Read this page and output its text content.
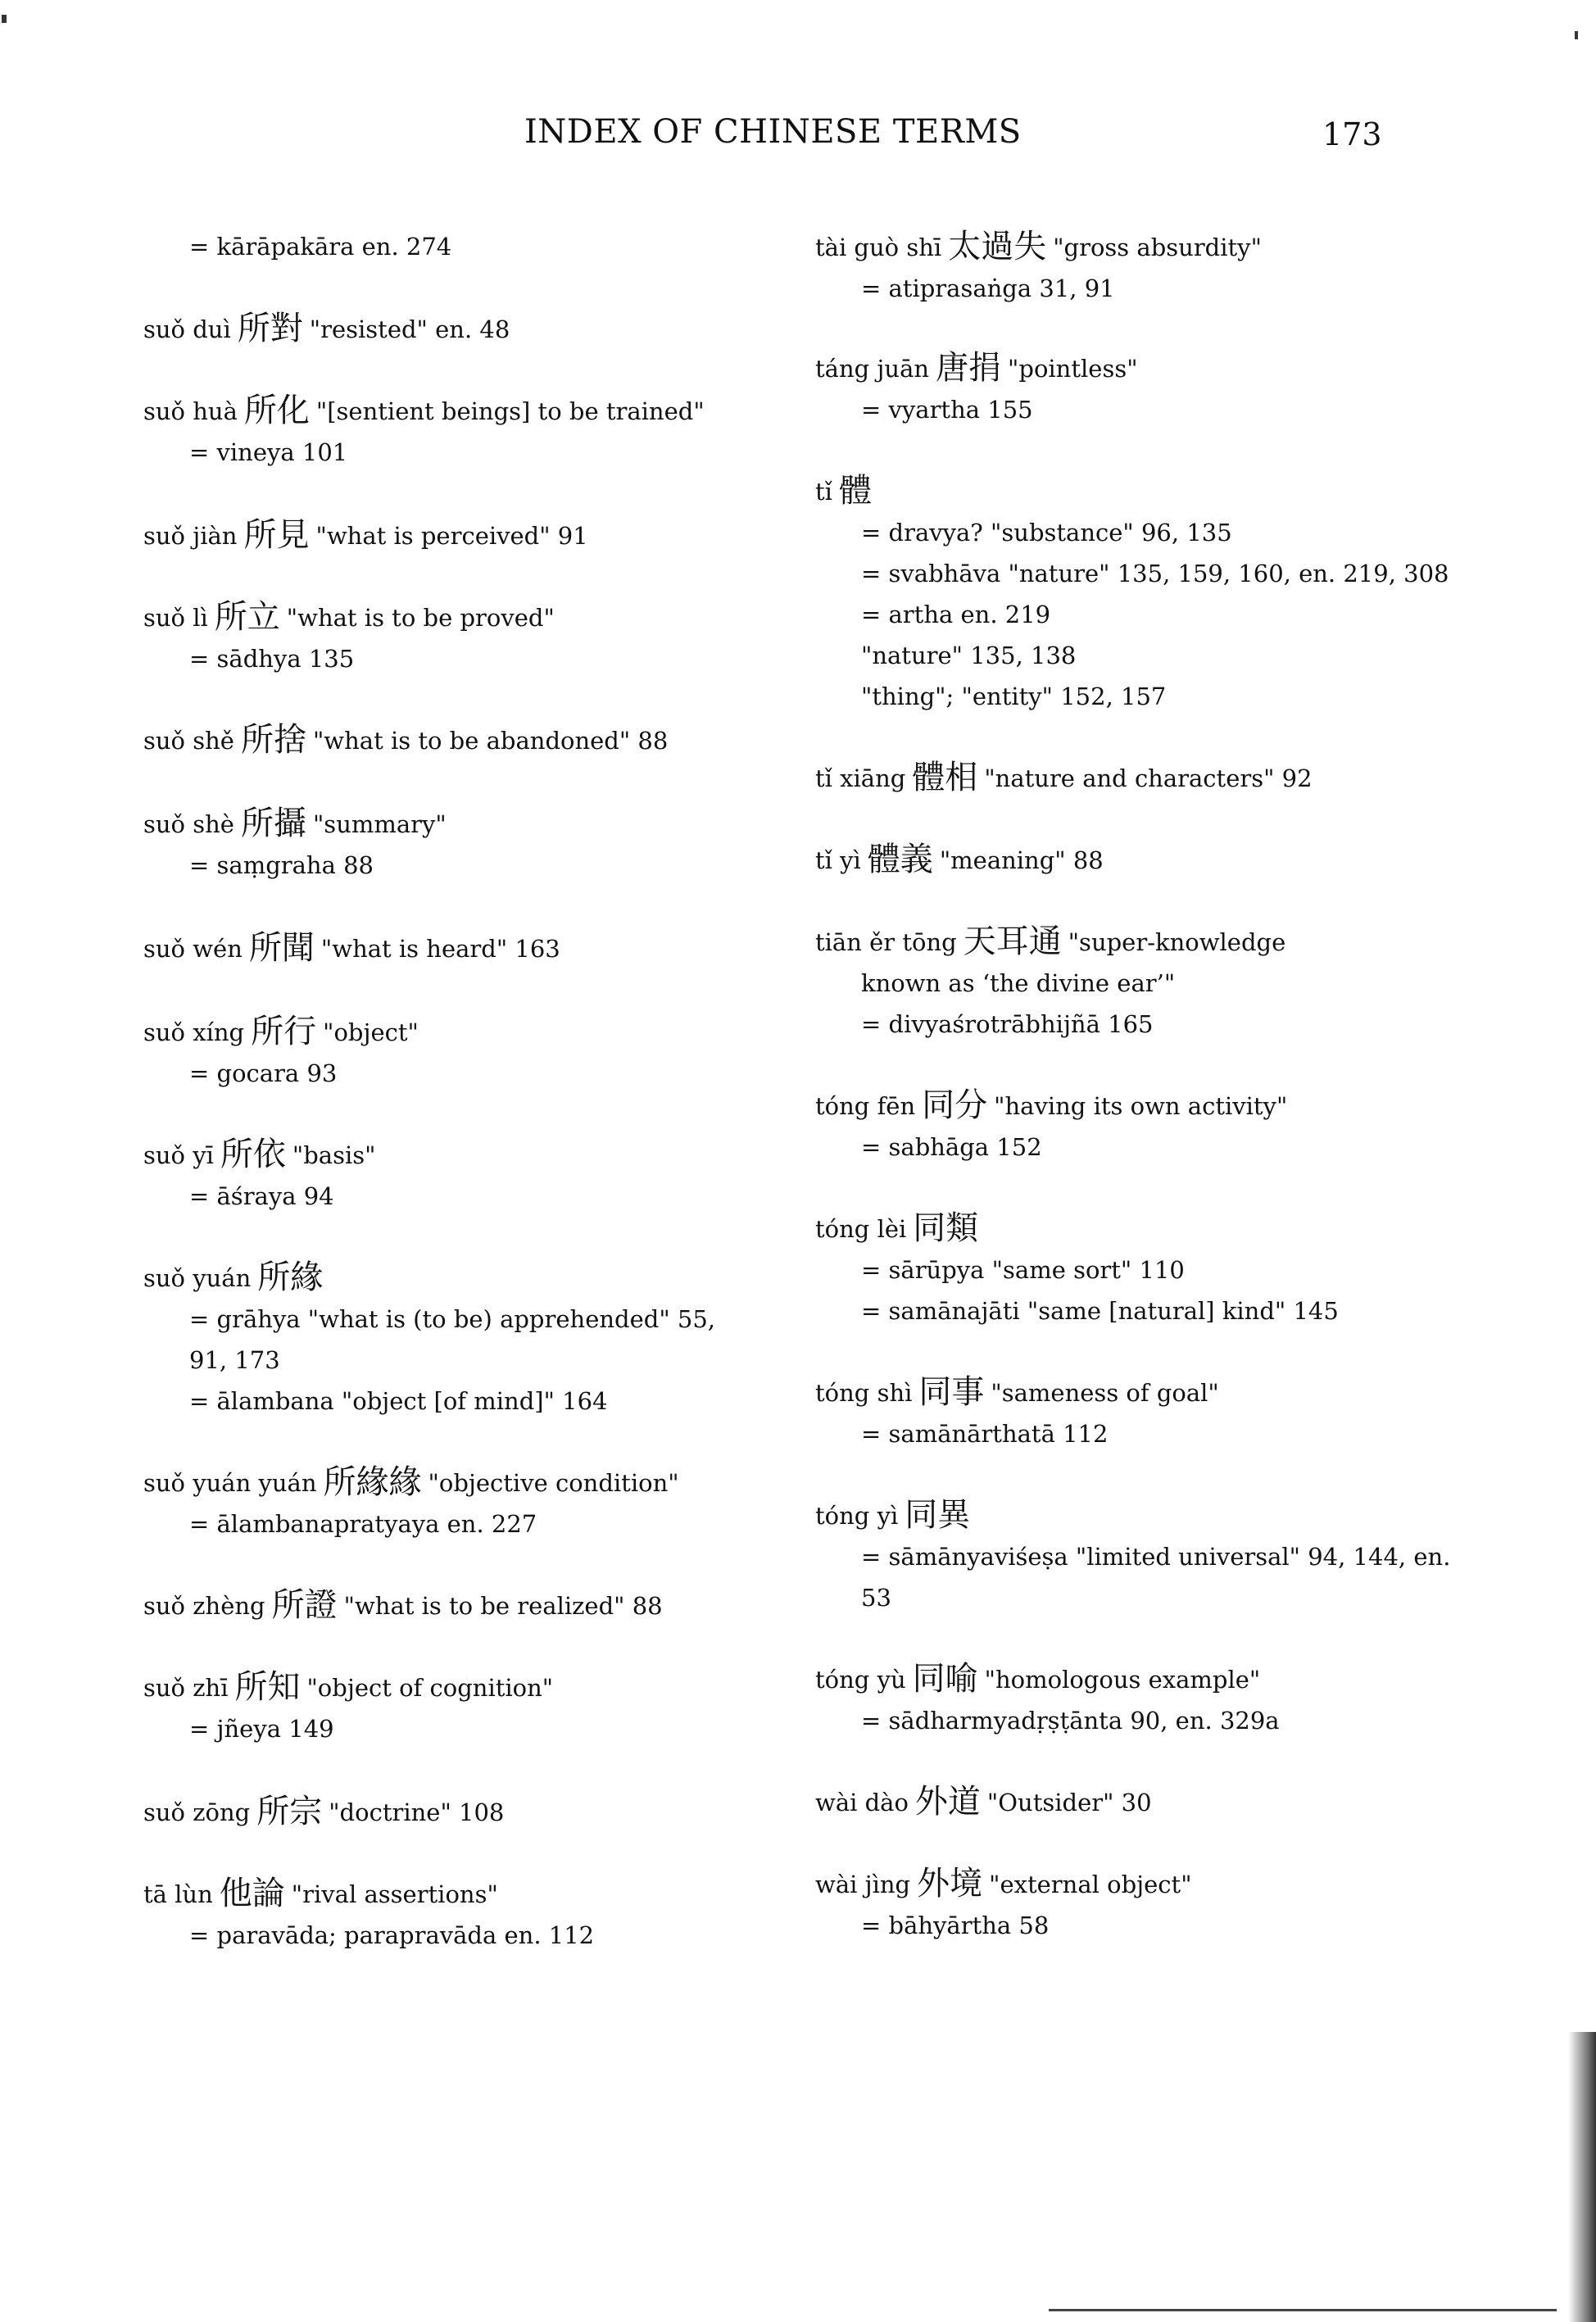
INDEX OF CHINESE TERMS	173
= kārāpakāra en. 274
suǒ duì 所對 "resisted" en. 48
suǒ huà 所化 "[sentient beings] to be trained"
= vineya 101
suǒ jiàn 所見 "what is perceived" 91
suǒ lì 所立 "what is to be proved"
= sādhya 135
suǒ shě 所捨 "what is to be abandoned" 88
suǒ shè 所攝 "summary"
= saṃgraha 88
suǒ wén 所聞 "what is heard" 163
suǒ xíng 所行 "object"
= gocara 93
suǒ yī 所依 "basis"
= āśraya 94
suǒ yuán 所緣
= grāhya "what is (to be) apprehended" 55,
91, 173
= ālambana "object [of mind]" 164
suǒ yuán yuán 所緣緣 "objective condition"
= ālambanapratyaya en. 227
suǒ zhèng 所證 "what is to be realized" 88
suǒ zhī 所知 "object of cognition"
= jñeya 149
suǒ zōng 所宗 "doctrine" 108
tā lùn 他論 "rival assertions"
= paravāda; parapravāda en. 112
tài guò shī 太過失 "gross absurdity"
= atiprasaṅga 31, 91
táng juān 唐捐 "pointless"
= vyartha 155
tǐ 體
= dravya? "substance" 96, 135
= svabhāva "nature" 135, 159, 160, en. 219, 308
= artha en. 219
"nature" 135, 138
"thing"; "entity" 152, 157
tǐ xiāng 體相 "nature and characters" 92
tǐ yì 體義 "meaning" 88
tiān ěr tōng 天耳通 "super-knowledge
known as ‘the divine ear’"
= divyaśrotrābhijñā 165
tóng fēn 同分 "having its own activity"
= sabhāga 152
tóng lèi 同類
= sārūpya "same sort" 110
= samānajāti "same [natural] kind" 145
tóng shì 同事 "sameness of goal"
= samānārthatā 112
tóng yì 同異
= sāmānyaviśeṣa "limited universal" 94, 144, en.
53
tóng yù 同喻 "homologous example"
= sādharmyadṛṣṭānta 90, en. 329a
wài dào 外道 "Outsider" 30
wài jìng 外境 "external object"
= bāhyārtha 58
